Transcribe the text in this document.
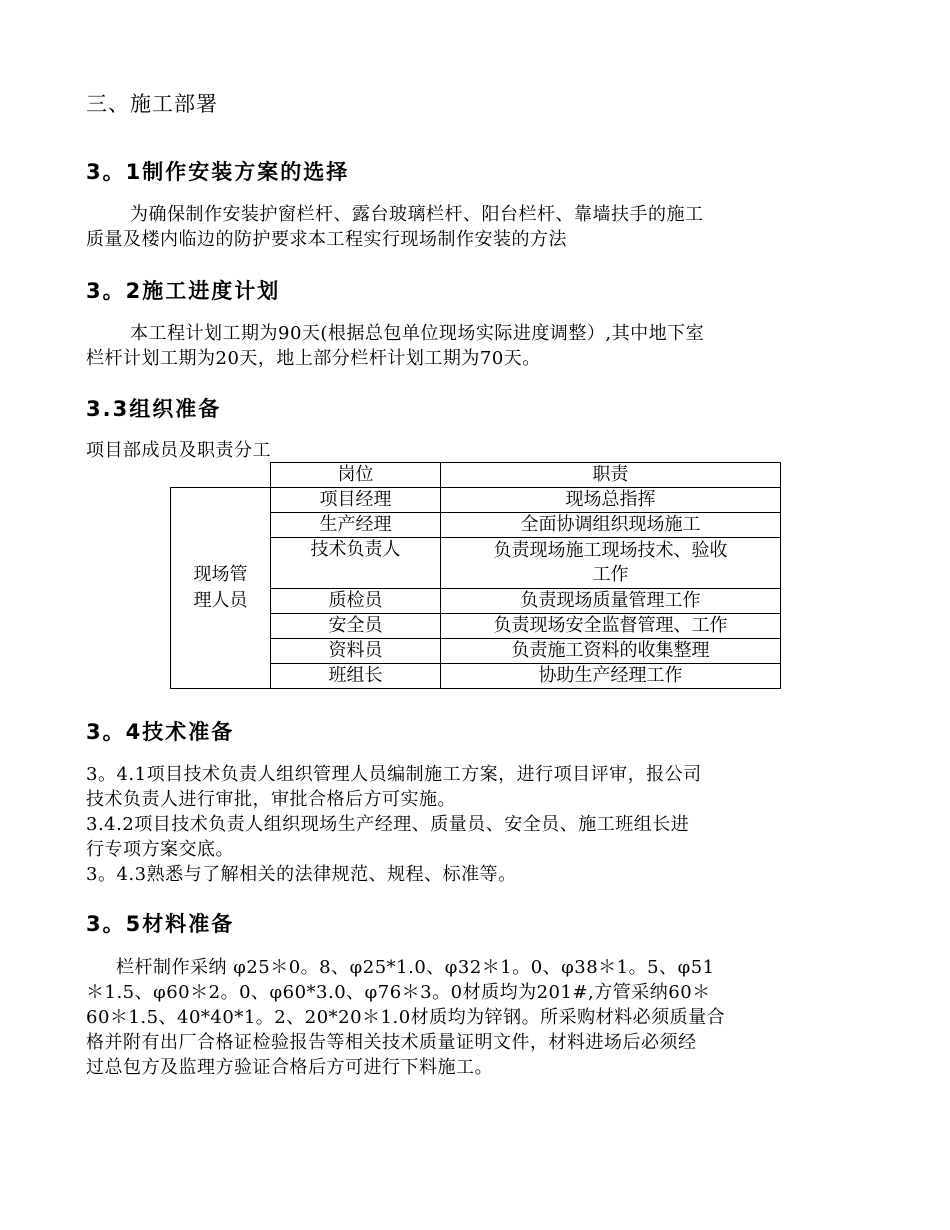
三、施工部署
3。1制作安装方案的选择
为确保制作安装护窗栏杆、露台玻璃栏杆、阳台栏杆、靠墙扶手的施工
质量及楼内临边的防护要求本工程实行现场制作安装的方法
3。2施工进度计划
本工程计划工期为90天(根据总包单位现场实际进度调整）,其中地下室
栏杆计划工期为20天，地上部分栏杆计划工期为70天。
3.3组织准备
项目部成员及职责分工
	岗位	职责

现场管
理人员	项目经理	现场总指挥
	生产经理	全面协调组织现场施工
	技术负责人	负责现场施工现场技术、验收
工作

	质检员	负责现场质量管理工作
	安全员	负责现场安全监督管理、工作
	资料员	负责施工资料的收集整理
	班组长	协助生产经理工作
3。4技术准备
3。4.1项目技术负责人组织管理人员编制施工方案，进行项目评审，报公司
技术负责人进行审批，审批合格后方可实施。
3.4.2项目技术负责人组织现场生产经理、质量员、安全员、施工班组长进
行专项方案交底。
3。4.3熟悉与了解相关的法律规范、规程、标准等。
3。5材料准备
栏杆制作采纳 φ25＊0。8、φ25*1.0、φ32＊1。0、φ38＊1。5、φ51
＊1.5、φ60＊2。0、φ60*3.0、φ76＊3。0材质均为201#,方管采纳60＊
60＊1.5、40*40*1。2、20*20＊1.0材质均为锌钢。所采购材料必须质量合
格并附有出厂合格证检验报告等相关技术质量证明文件，材料进场后必须经
过总包方及监理方验证合格后方可进行下料施工。
